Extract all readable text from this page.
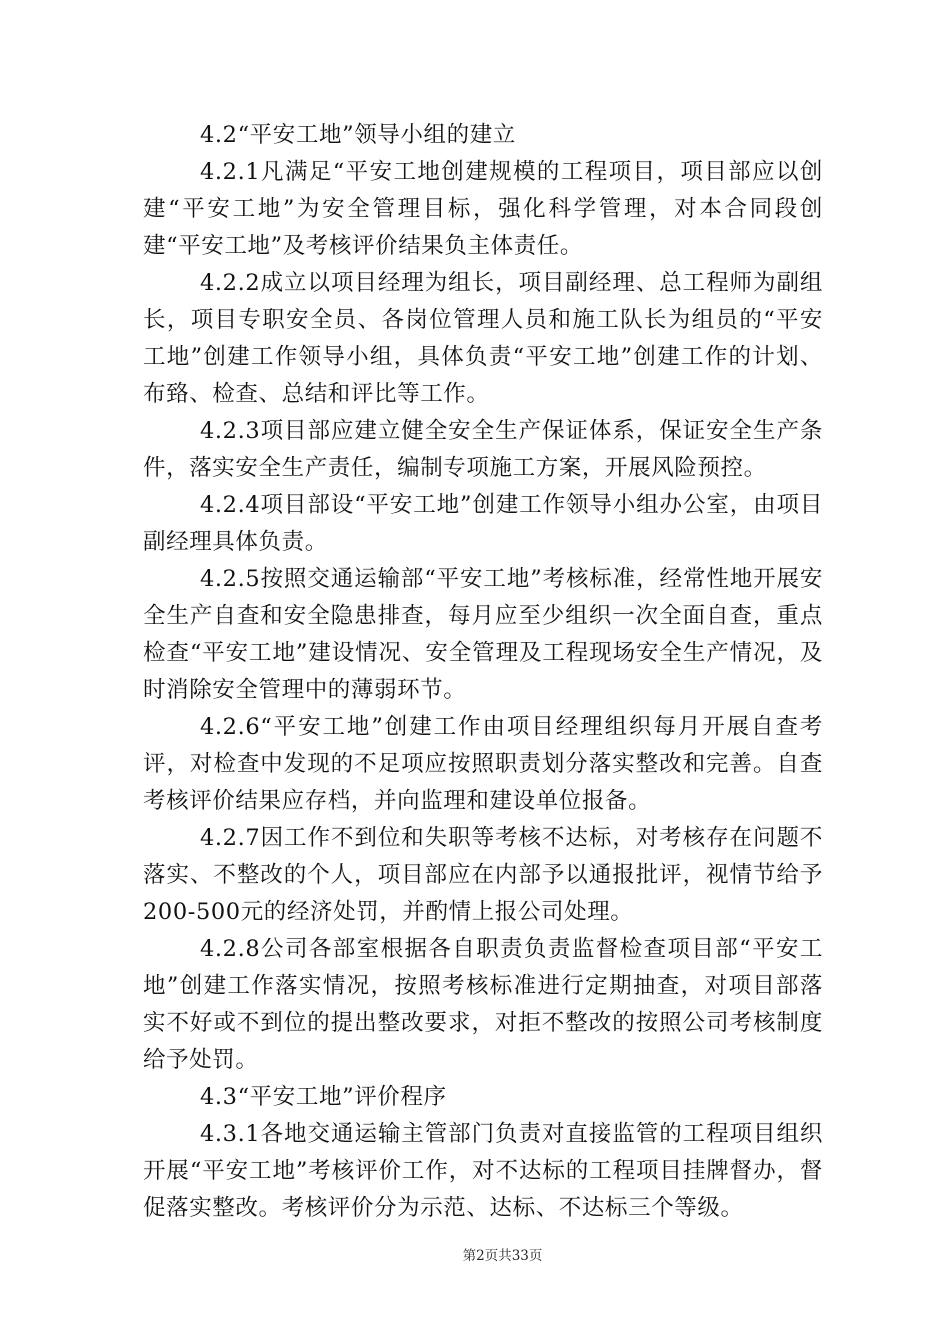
4.2“平安工地”领导小组的建立

4.2.1凡满足“平安工地创建规模的工程项目，项目部应以创建“平安工地”为安全管理目标，强化科学管理，对本合同段创建“平安工地”及考核评价结果负主体责任。

4.2.2成立以项目经理为组长，项目副经理、总工程师为副组长，项目专职安全员、各岗位管理人员和施工队长为组员的“平安工地”创建工作领导小组，具体负责“平安工地”创建工作的计划、布臵、检查、总结和评比等工作。

4.2.3项目部应建立健全安全生产保证体系，保证安全生产条件，落实安全生产责任，编制专项施工方案，开展风险预控。

4.2.4项目部设“平安工地”创建工作领导小组办公室，由项目副经理具体负责。

4.2.5按照交通运输部“平安工地”考核标准，经常性地开展安全生产自查和安全隐患排查，每月应至少组织一次全面自查，重点检查“平安工地”建设情况、安全管理及工程现场安全生产情况，及时消除安全管理中的薄弱环节。

4.2.6“平安工地”创建工作由项目经理组织每月开展自查考评，对检查中发现的不足项应按照职责划分落实整改和完善。自查考核评价结果应存档，并向监理和建设单位报备。

4.2.7因工作不到位和失职等考核不达标，对考核存在问题不落实、不整改的个人，项目部应在内部予以通报批评，视情节给予200-500元的经济处罚，并酌情上报公司处理。

4.2.8公司各部室根据各自职责负责监督检查项目部“平安工地”创建工作落实情况，按照考核标准进行定期抽查，对项目部落实不好或不到位的提出整改要求，对拒不整改的按照公司考核制度给予处罚。

4.3“平安工地”评价程序

4.3.1各地交通运输主管部门负责对直接监管的工程项目组织开展“平安工地”考核评价工作，对不达标的工程项目挂牌督办，督促落实整改。考核评价分为示范、达标、不达标三个等级。

第2页共33页
